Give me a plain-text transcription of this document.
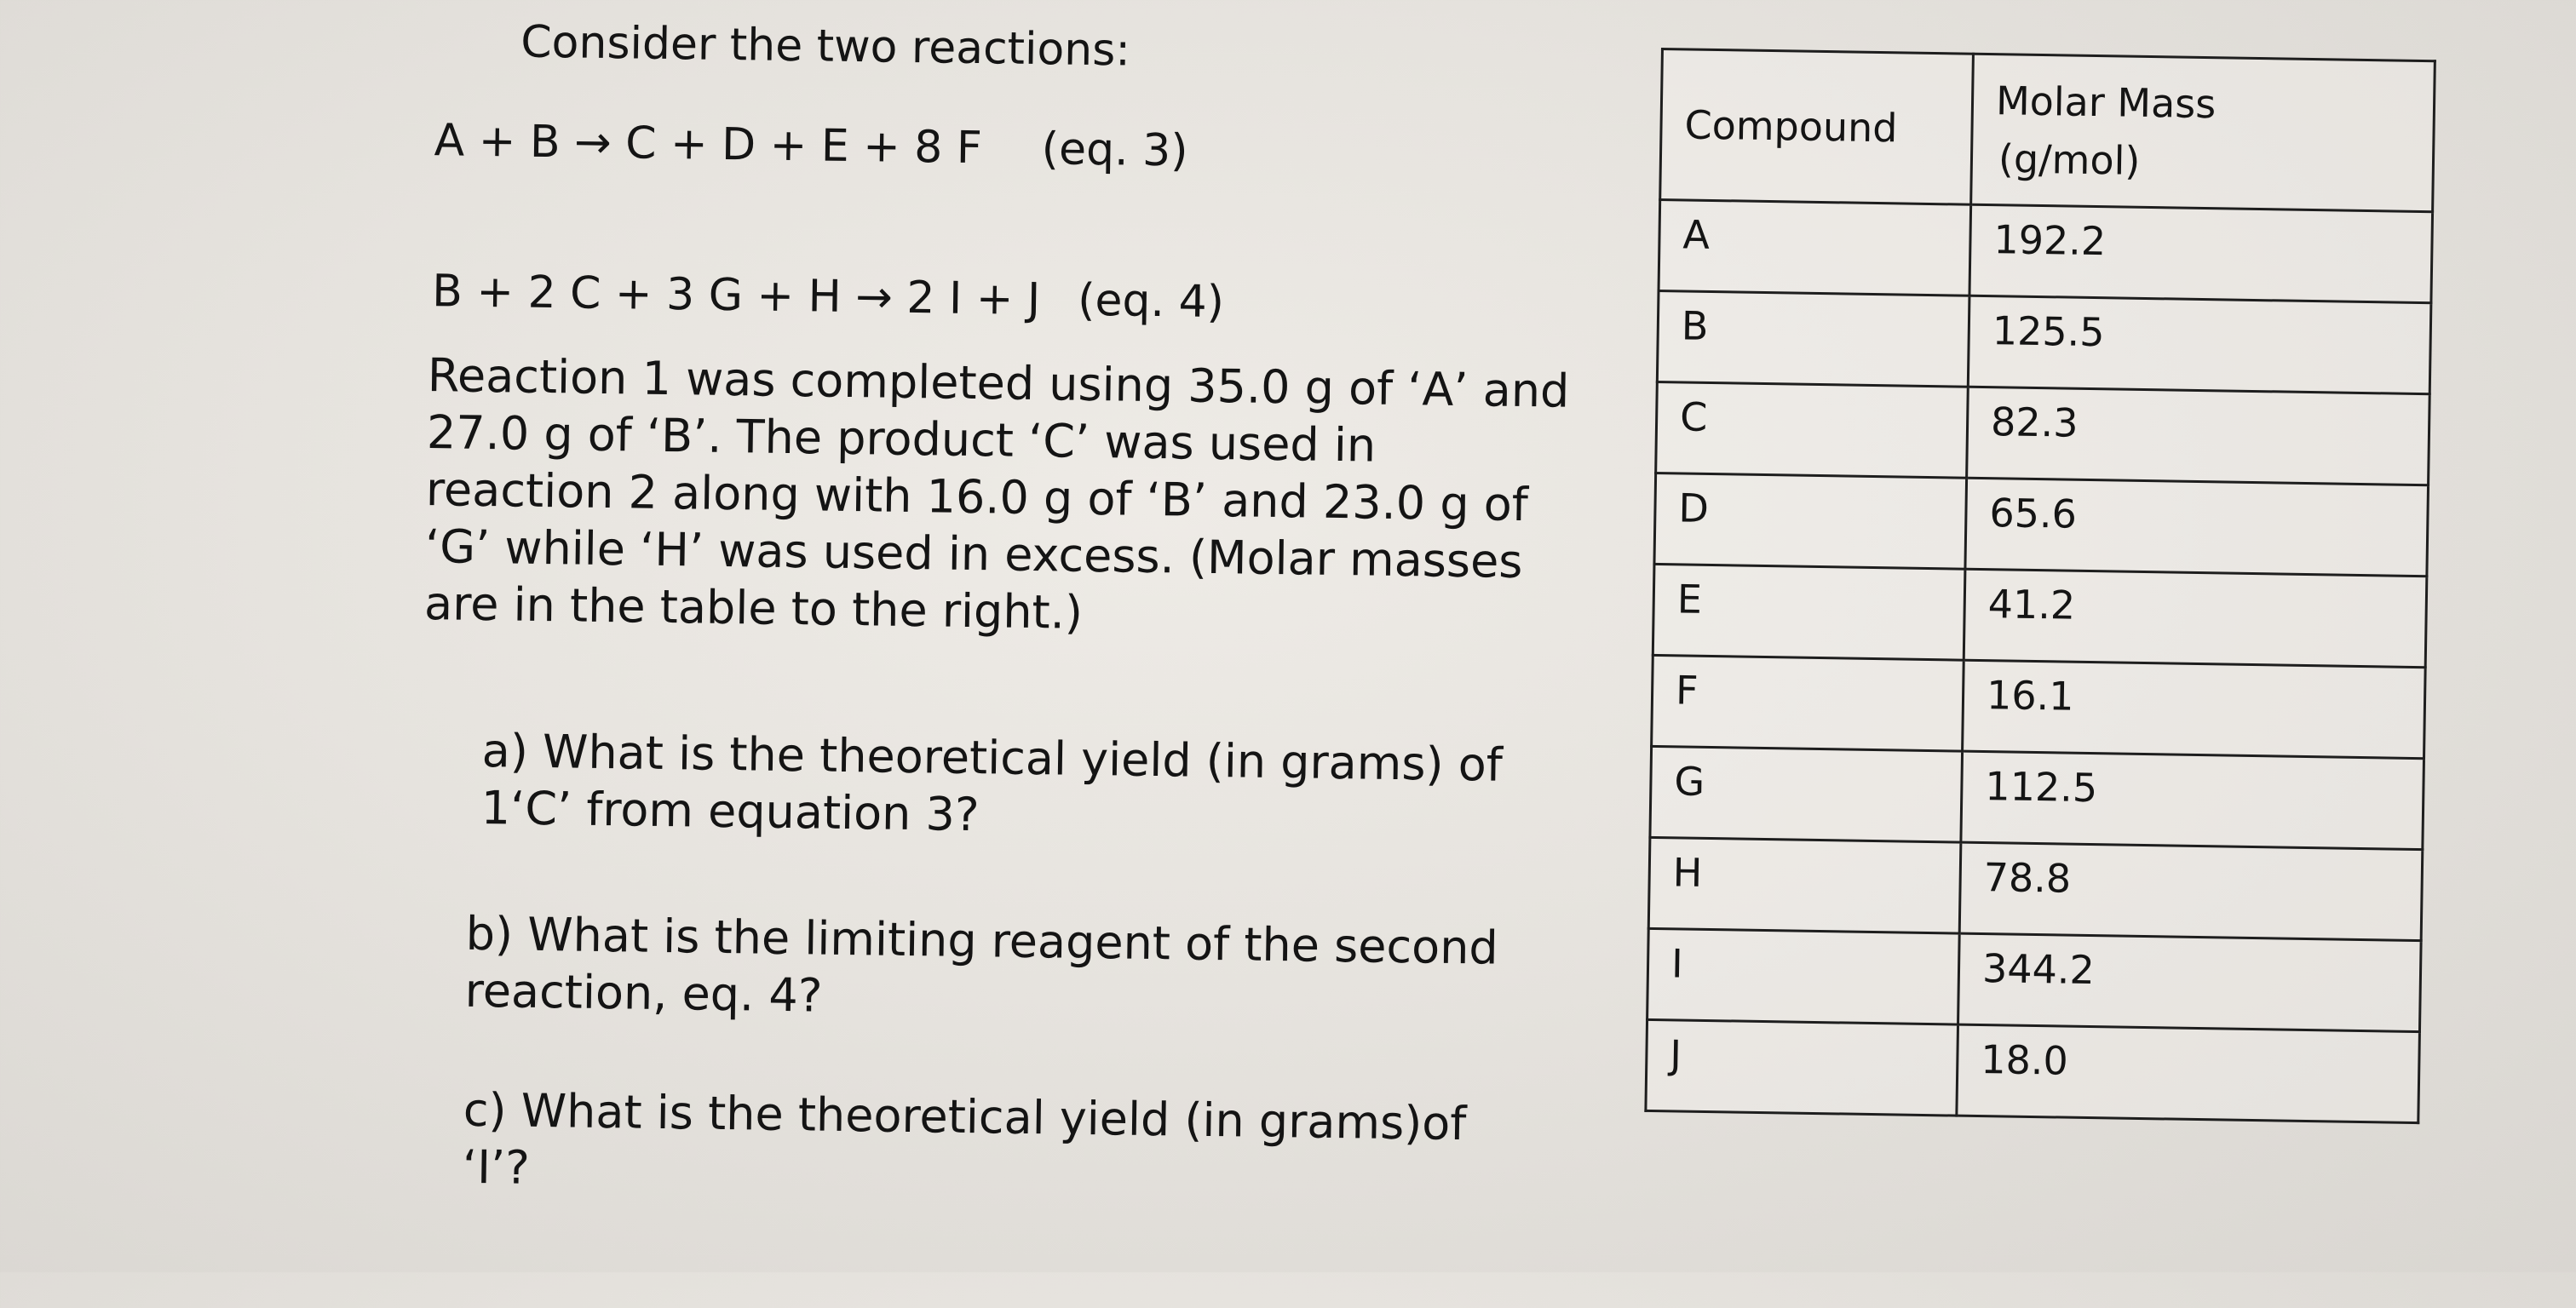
Consider the two reactions:
A + B → C + D + E + 8 F (eq. 3)
B + 2 C + 3 G + H → 2 I + J (eq. 4)
Reaction 1 was completed using 35.0 g of ‘A’ and
27.0 g of ‘B’. The product ‘C’ was used in
reaction 2 along with 16.0 g of ‘B’ and 23.0 g of
‘G’ while ‘H’ was used in excess. (Molar masses
are in the table to the right.)
a) What is the theoretical yield (in grams) of
1‘C’ from equation 3?
b) What is the limiting reagent of the second
reaction, eq. 4?
c) What is the theoretical yield (in grams)of
‘I’?
Compound	Molar Mass
(g/mol)

A	192.2
B	125.5
C	82.3
D	65.6
E	41.2
F	16.1
G	112.5
H	78.8
I	344.2
J	18.0
